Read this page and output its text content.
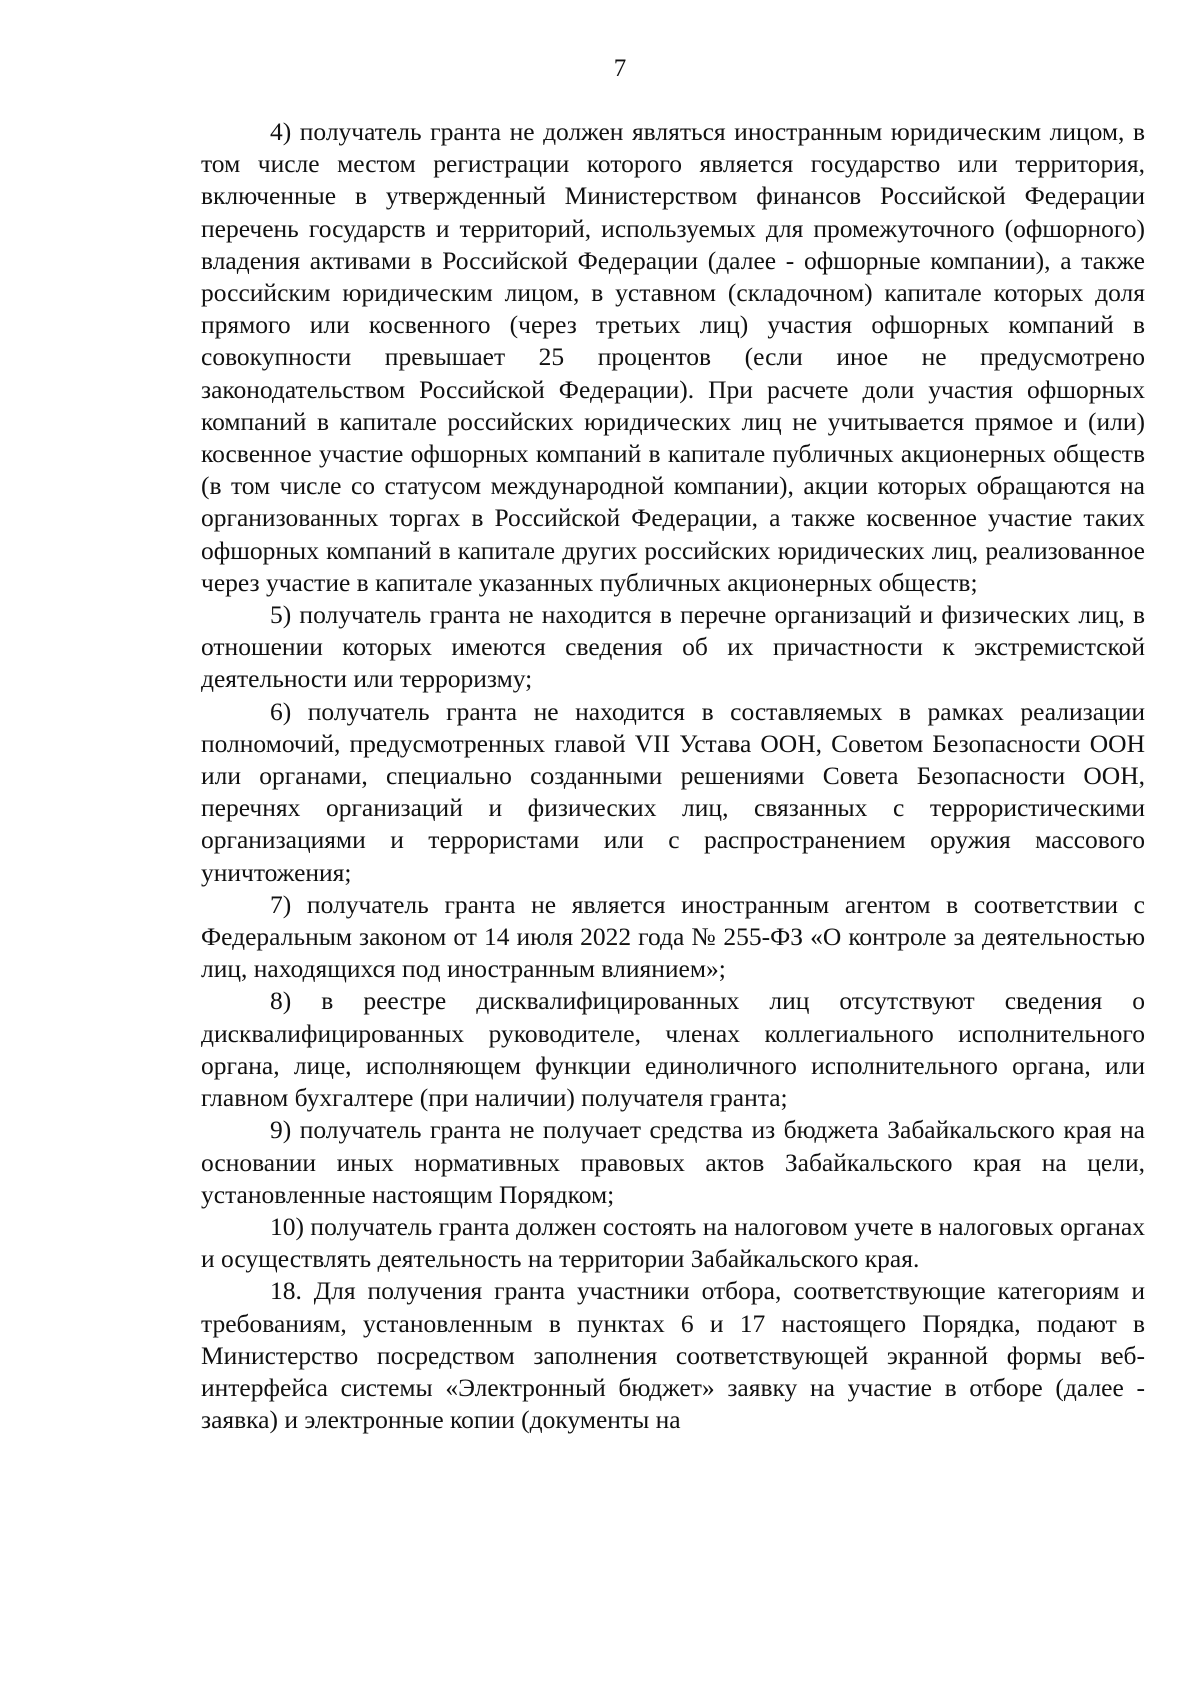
7

4) получатель гранта не должен являться иностранным юридическим лицом, в том числе местом регистрации которого является государство или территория, включенные в утвержденный Министерством финансов Российской Федерации перечень государств и территорий, используемых для промежуточного (офшорного) владения активами в Российской Федерации (далее - офшорные компании), а также российским юридическим лицом, в уставном (складочном) капитале которых доля прямого или косвенного (через третьих лиц) участия офшорных компаний в совокупности превышает 25 процентов (если иное не предусмотрено законодательством Российской Федерации). При расчете доли участия офшорных компаний в капитале российских юридических лиц не учитывается прямое и (или) косвенное участие офшорных компаний в капитале публичных акционерных обществ (в том числе со статусом международной компании), акции которых обращаются на организованных торгах в Российской Федерации, а также косвенное участие таких офшорных компаний в капитале других российских юридических лиц, реализованное через участие в капитале указанных публичных акционерных обществ;

5) получатель гранта не находится в перечне организаций и физических лиц, в отношении которых имеются сведения об их причастности к экстремистской деятельности или терроризму;

6) получатель гранта не находится в составляемых в рамках реализации полномочий, предусмотренных главой VII Устава ООН, Советом Безопасности ООН или органами, специально созданными решениями Совета Безопасности ООН, перечнях организаций и физических лиц, связанных с террористическими организациями и террористами или с распространением оружия массового уничтожения;

7) получатель гранта не является иностранным агентом в соответствии с Федеральным законом от 14 июля 2022 года № 255-ФЗ «О контроле за деятельностью лиц, находящихся под иностранным влиянием»;

8) в реестре дисквалифицированных лиц отсутствуют сведения о дисквалифицированных руководителе, членах коллегиального исполнительного органа, лице, исполняющем функции единоличного исполнительного органа, или главном бухгалтере (при наличии) получателя гранта;

9) получатель гранта не получает средства из бюджета Забайкальского края на основании иных нормативных правовых актов Забайкальского края на цели, установленные настоящим Порядком;

10) получатель гранта должен состоять на налоговом учете в налоговых органах и осуществлять деятельность на территории Забайкальского края.

18. Для получения гранта участники отбора, соответствующие категориям и требованиям, установленным в пунктах 6 и 17 настоящего Порядка, подают в Министерство посредством заполнения соответствующей экранной формы веб-интерфейса системы «Электронный бюджет» заявку на участие в отборе (далее - заявка) и электронные копии (документы на
